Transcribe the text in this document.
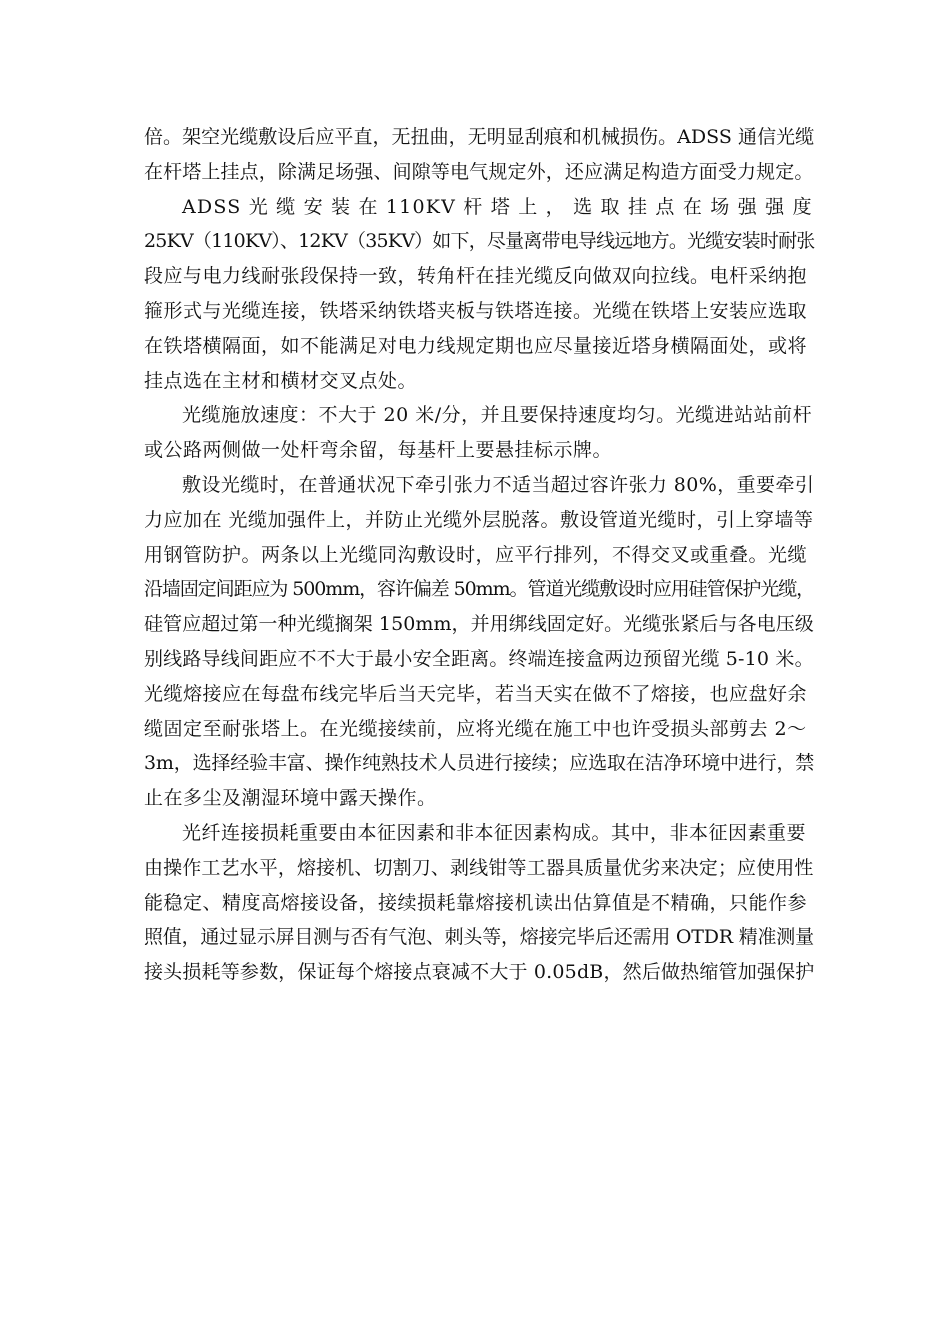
倍。架空光缆敷设后应平直，无扭曲，无明显刮痕和机械损伤。ADSS 通信光缆
在杆塔上挂点，除满足场强、间隙等电气规定外，还应满足构造方面受力规定。
ADSS 光 缆 安 装 在 110KV 杆 塔 上 ， 选 取 挂 点 在 场 强 强 度
25KV（110KV）、12KV（35KV）如下，尽量离带电导线远地方。光缆安装时耐张
段应与电力线耐张段保持一致，转角杆在挂光缆反向做双向拉线。电杆采纳抱
箍形式与光缆连接，铁塔采纳铁塔夹板与铁塔连接。光缆在铁塔上安装应选取
在铁塔横隔面，如不能满足对电力线规定期也应尽量接近塔身横隔面处，或将
挂点选在主材和横材交叉点处。
光缆施放速度：不大于 20 米/分，并且要保持速度均匀。光缆进站站前杆
或公路两侧做一处杆弯余留，每基杆上要悬挂标示牌。
敷设光缆时，在普通状况下牵引张力不适当超过容许张力 80%，重要牵引
力应加在 光缆加强件上，并防止光缆外层脱落。敷设管道光缆时，引上穿墙等
用钢管防护。两条以上光缆同沟敷设时，应平行排列，不得交叉或重叠。光缆
沿墙固定间距应为 500mm，容许偏差 50mm。管道光缆敷设时应用硅管保护光缆，
硅管应超过第一种光缆搁架 150mm，并用绑线固定好。光缆张紧后与各电压级
别线路导线间距应不不大于最小安全距离。终端连接盒两边预留光缆 5-10 米。
光缆熔接应在每盘布线完毕后当天完毕，若当天实在做不了熔接，也应盘好余
缆固定至耐张塔上。在光缆接续前，应将光缆在施工中也许受损头部剪去 2～
3m，选择经验丰富、操作纯熟技术人员进行接续；应选取在洁净环境中进行，禁
止在多尘及潮湿环境中露天操作。
光纤连接损耗重要由本征因素和非本征因素构成。其中，非本征因素重要
由操作工艺水平，熔接机、切割刀、剥线钳等工器具质量优劣来决定；应使用性
能稳定、精度高熔接设备，接续损耗靠熔接机读出估算值是不精确，只能作参
照值，通过显示屏目测与否有气泡、刺头等，熔接完毕后还需用 OTDR 精准测量
接头损耗等参数，保证每个熔接点衰减不大于 0.05dB，然后做热缩管加强保护
